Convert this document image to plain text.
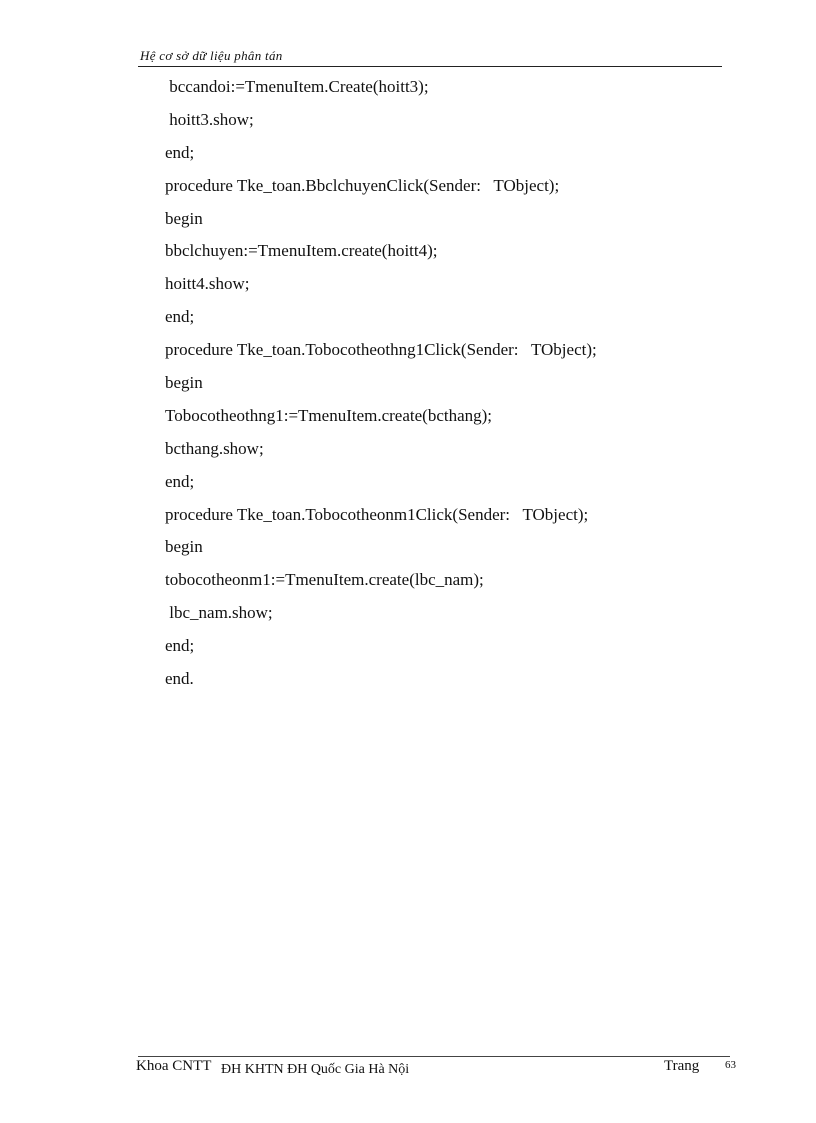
Hệ cơ sở dữ liệu phân tán
bccandoi:=TmenuItem.Create(hoitt3);
hoitt3.show;
end;
procedure Tke_toan.BbclchuyenClick(Sender:   TObject);
begin
bbclchuyen:=TmenuItem.create(hoitt4);
hoitt4.show;
end;
procedure Tke_toan.Tobocotheothng1Click(Sender:   TObject);
begin
Tobocotheothng1:=TmenuItem.create(bcthang);
bcthang.show;
end;
procedure Tke_toan.Tobocotheonm1Click(Sender:   TObject);
begin
tobocotheonm1:=TmenuItem.create(lbc_nam);
lbc_nam.show;
end;
end.
Khoa CNTT ĐH KHTN ĐH Quốc Gia Hà Nội	Trang 63
